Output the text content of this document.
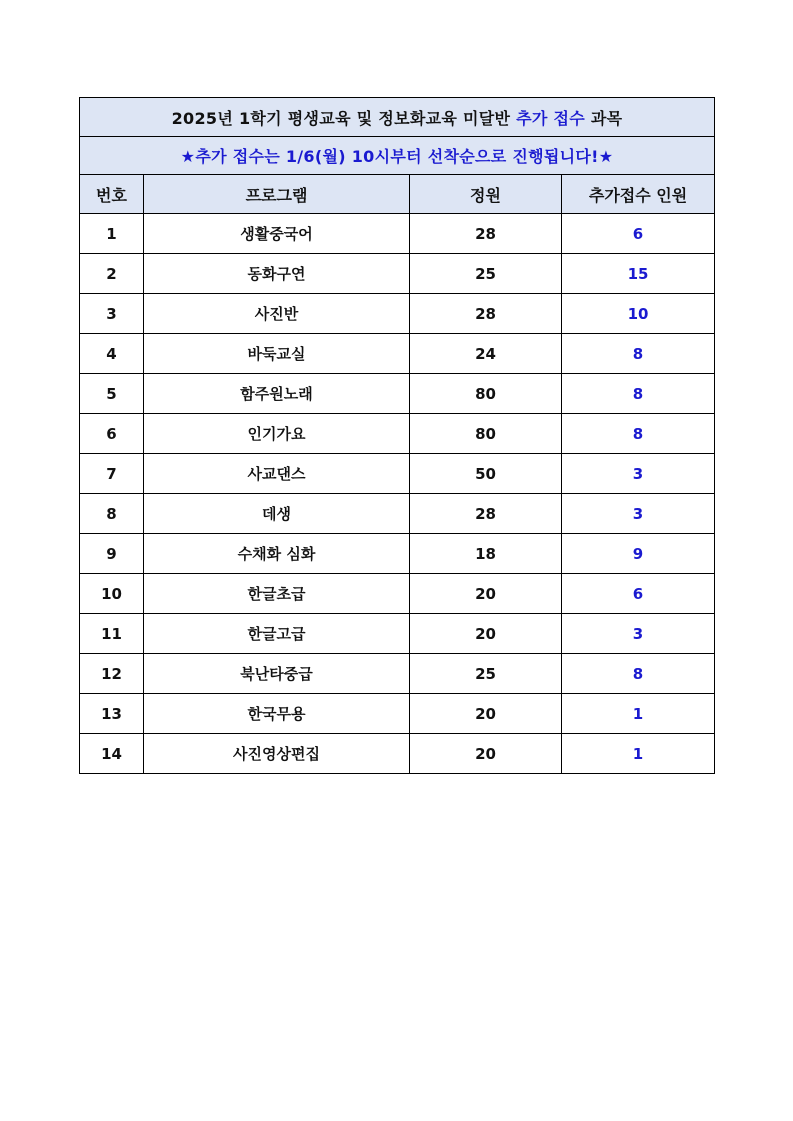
2025년 1학기 평생교육 및 정보화교육 미달반 추가 접수 과목			
★추가 접수는 1/6(월) 10시부터 선착순으로 진행됩니다!★			
번호	프로그램	정원	추가접수 인원
1	생활중국어	28	6
2	동화구연	25	15
3	사진반	28	10
4	바둑교실	24	8
5	함주원노래	80	8
6	인기가요	80	8
7	사교댄스	50	3
8	데생	28	3
9	수채화 심화	18	9
10	한글초급	20	6
11	한글고급	20	3
12	북난타중급	25	8
13	한국무용	20	1
14	사진영상편집	20	1
